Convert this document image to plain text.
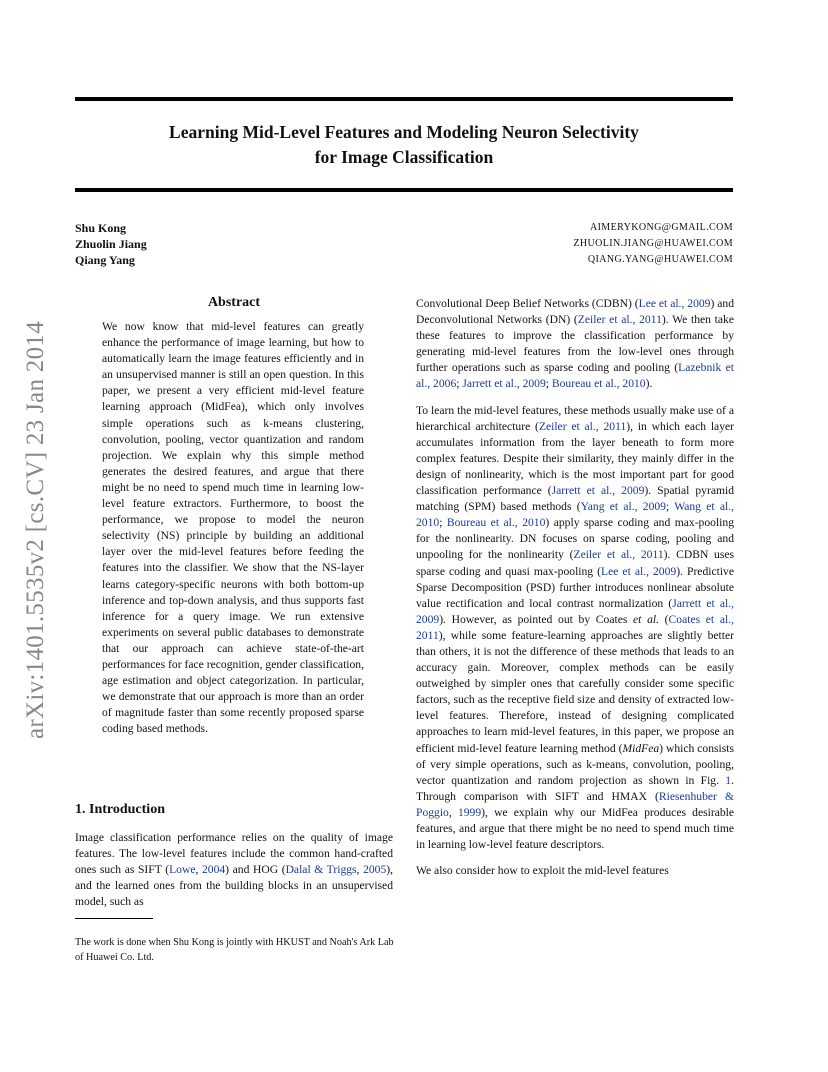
Learning Mid-Level Features and Modeling Neuron Selectivity
for Image Classification
Shu Kong
Zhuolin Jiang
Qiang Yang
AIMERYKONG@GMAIL.COM
ZHUOLIN.JIANG@HUAWEI.COM
QIANG.YANG@HUAWEI.COM
arXiv:1401.5535v2 [cs.CV] 23 Jan 2014
Abstract

We now know that mid-level features can greatly enhance the performance of image learning, but how to automatically learn the image features efficiently and in an unsupervised manner is still an open question. In this paper, we present a very efficient mid-level feature learning approach (MidFea), which only involves simple operations such as k-means clustering, convolution, pooling, vector quantization and random projection. We explain why this simple method generates the desired features, and argue that there might be no need to spend much time in learning low-level feature extractors. Furthermore, to boost the performance, we propose to model the neuron selectivity (NS) principle by building an additional layer over the mid-level features before feeding the features into the classifier. We show that the NS-layer learns category-specific neurons with both bottom-up inference and top-down analysis, and thus supports fast inference for a query image. We run extensive experiments on several public databases to demonstrate that our approach can achieve state-of-the-art performances for face recognition, gender classification, age estimation and object categorization. In particular, we demonstrate that our approach is more than an order of magnitude faster than some recently proposed sparse coding based methods.

1. Introduction

Image classification performance relies on the quality of image features. The low-level features include the common hand-crafted ones such as SIFT (Lowe, 2004) and HOG (Dalal & Triggs, 2005), and the learned ones from the building blocks in an unsupervised model, such as

The work is done when Shu Kong is jointly with HKUST and Noah's Ark Lab of Huawei Co. Ltd.

Convolutional Deep Belief Networks (CDBN) (Lee et al., 2009) and Deconvolutional Networks (DN) (Zeiler et al., 2011). We then take these features to improve the classification performance by generating mid-level features from the low-level ones through further operations such as sparse coding and pooling (Lazebnik et al., 2006; Jarrett et al., 2009; Boureau et al., 2010).

To learn the mid-level features, these methods usually make use of a hierarchical architecture (Zeiler et al., 2011), in which each layer accumulates information from the layer beneath to form more complex features. Despite their similarity, they mainly differ in the design of nonlinearity, which is the most important part for good classification performance (Jarrett et al., 2009). Spatial pyramid matching (SPM) based methods (Yang et al., 2009; Wang et al., 2010; Boureau et al., 2010) apply sparse coding and max-pooling for the nonlinearity. DN focuses on sparse coding, pooling and unpooling for the nonlinearity (Zeiler et al., 2011). CDBN uses sparse coding and quasi max-pooling (Lee et al., 2009). Predictive Sparse Decomposition (PSD) further introduces nonlinear absolute value rectification and local contrast normalization (Jarrett et al., 2009). However, as pointed out by Coates et al. (Coates et al., 2011), while some feature-learning approaches are slightly better than others, it is not the difference of these methods that leads to an accuracy gain. Moreover, complex methods can be easily outweighed by simpler ones that carefully consider some specific factors, such as the receptive field size and density of extracted low-level features. Therefore, instead of designing complicated approaches to learn mid-level features, in this paper, we propose an efficient mid-level feature learning method (MidFea) which consists of very simple operations, such as k-means, convolution, pooling, vector quantization and random projection as shown in Fig. 1. Through comparison with SIFT and HMAX (Riesenhuber & Poggio, 1999), we explain why our MidFea produces desirable features, and argue that there might be no need to spend much time in learning low-level feature descriptors.

We also consider how to exploit the mid-level features
